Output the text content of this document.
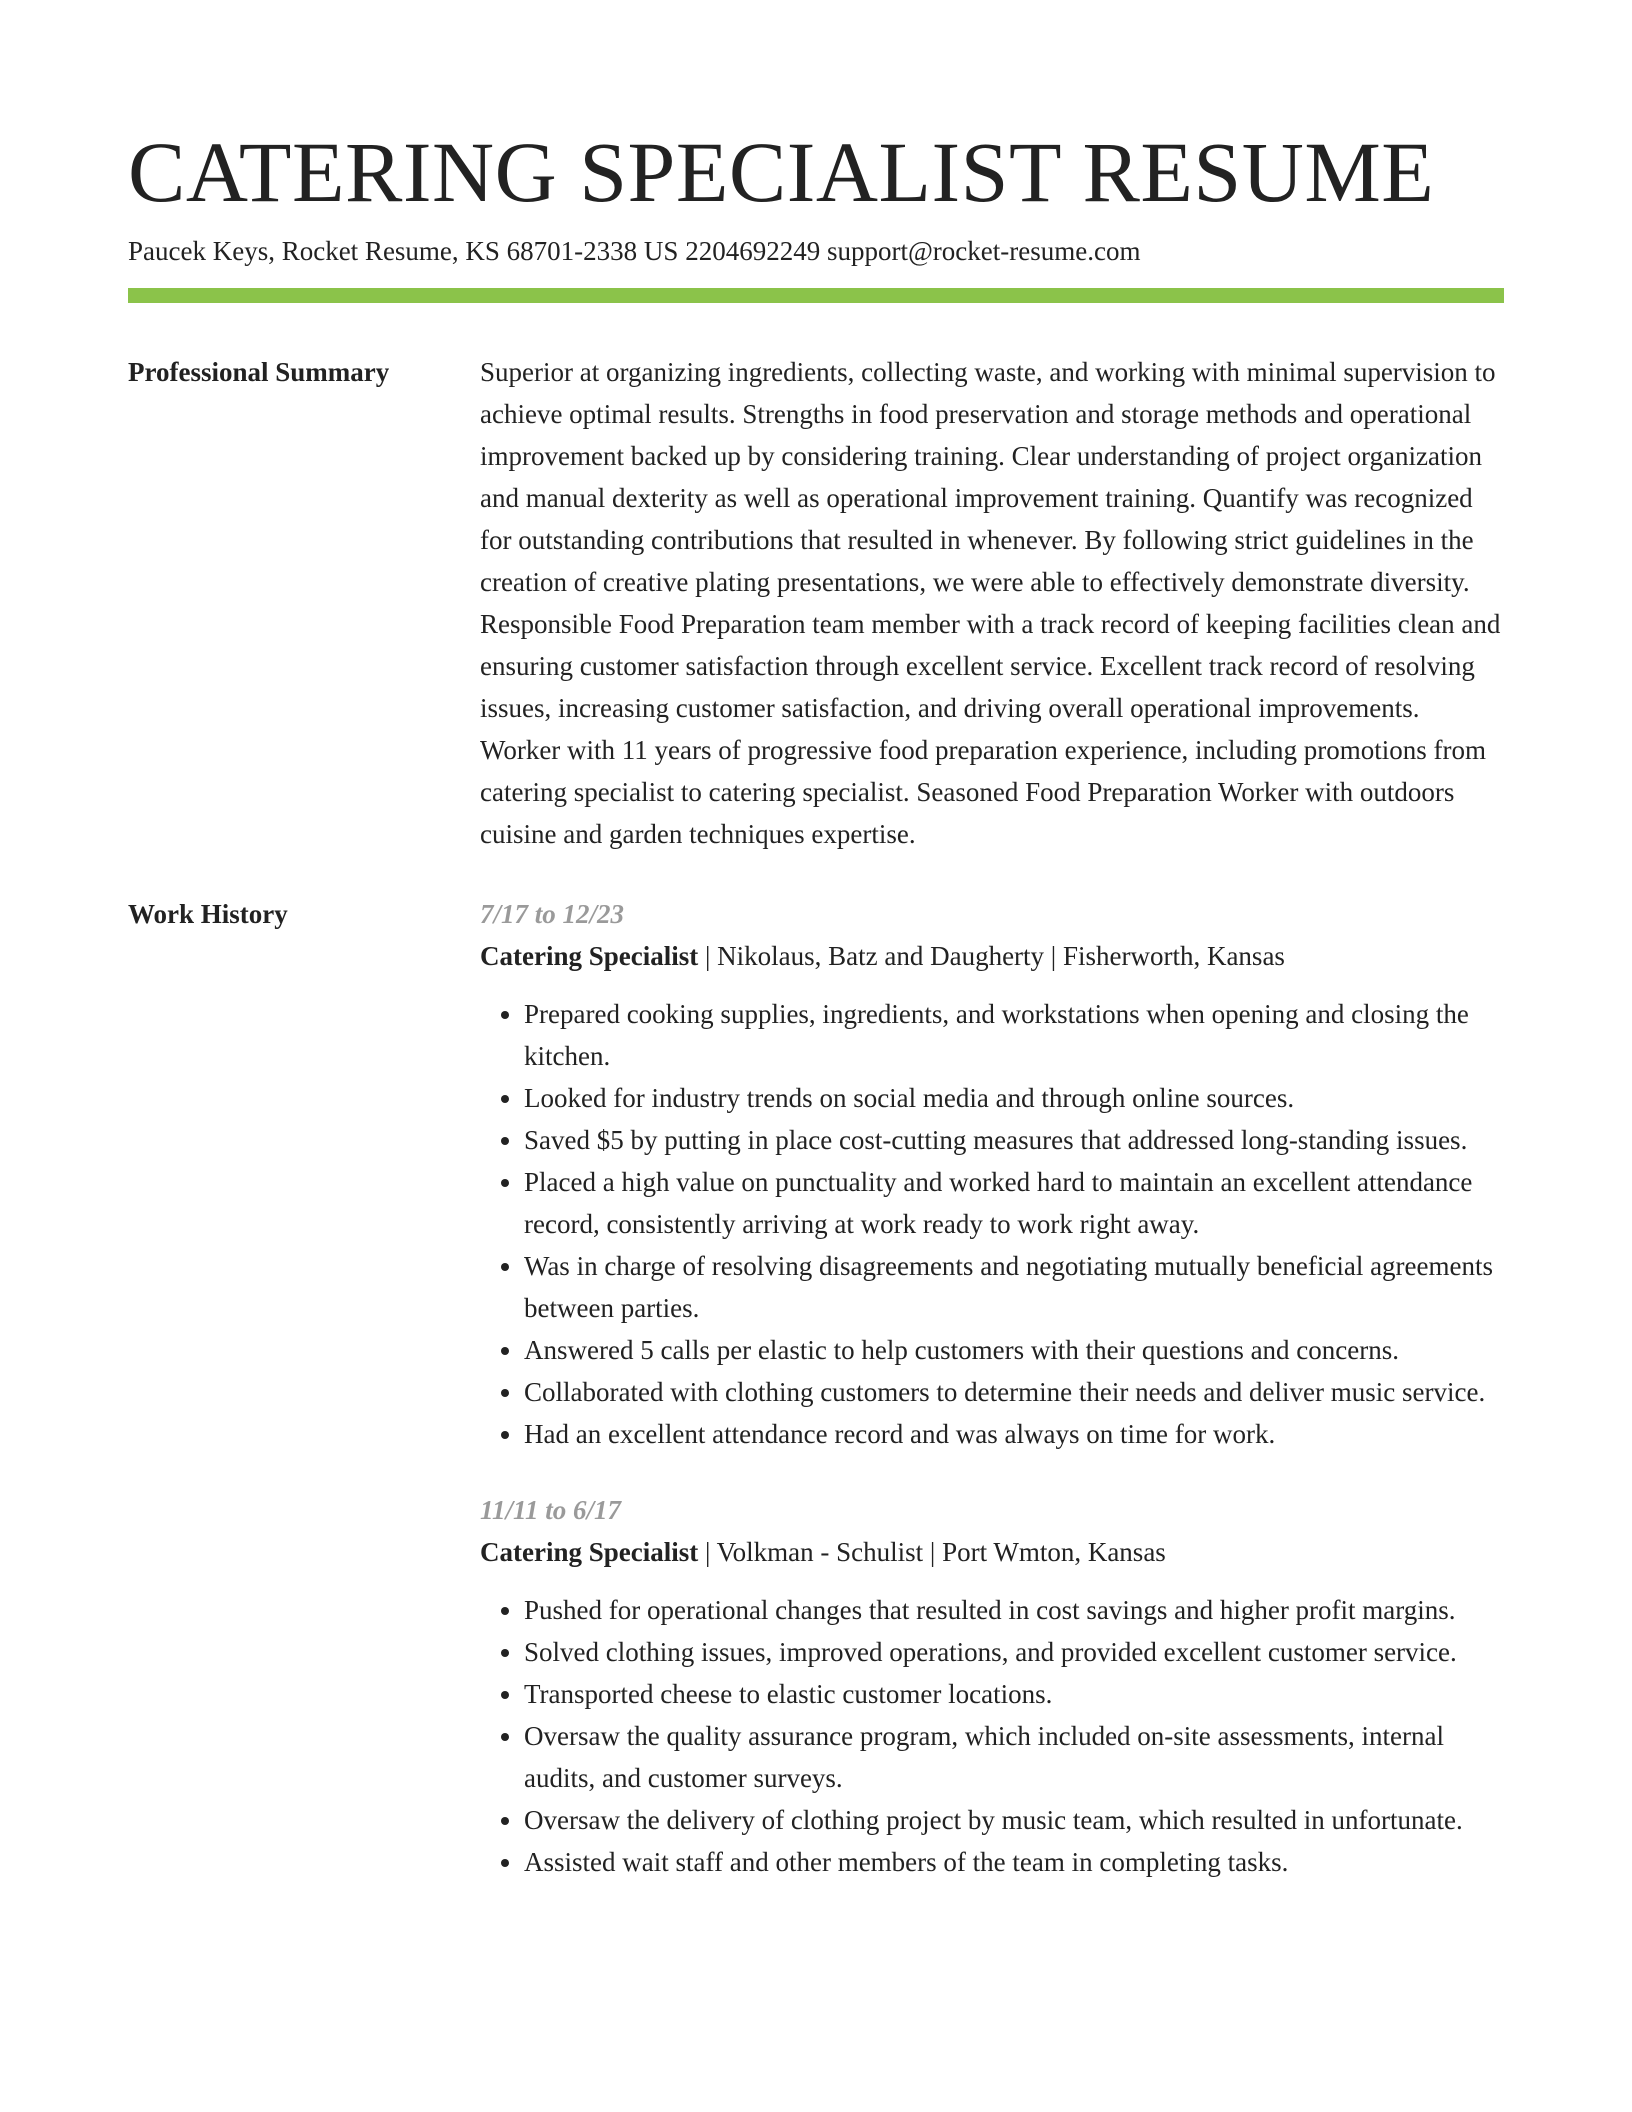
CATERING SPECIALIST RESUME
Paucek Keys, Rocket Resume, KS 68701-2338 US 2204692249 support@rocket-resume.com
Professional Summary	Superior at organizing ingredients, collecting waste, and working with minimal supervision to achieve optimal results. Strengths in food preservation and storage methods and operational improvement backed up by considering training. Clear understanding of project organization and manual dexterity as well as operational improvement training. Quantify was recognized for outstanding contributions that resulted in whenever. By following strict guidelines in the creation of creative plating presentations, we were able to effectively demonstrate diversity. Responsible Food Preparation team member with a track record of keeping facilities clean and ensuring customer satisfaction through excellent service. Excellent track record of resolving issues, increasing customer satisfaction, and driving overall operational improvements. Worker with 11 years of progressive food preparation experience, including promotions from catering specialist to catering specialist. Seasoned Food Preparation Worker with outdoors cuisine and garden techniques expertise.

Work History	7/17 to 12/23
Catering Specialist | Nikolaus, Batz and Daugherty | Fisherworth, Kansas
• Prepared cooking supplies, ingredients, and workstations when opening and closing the kitchen.
• Looked for industry trends on social media and through online sources.
• Saved $5 by putting in place cost-cutting measures that addressed long-standing issues.
• Placed a high value on punctuality and worked hard to maintain an excellent attendance record, consistently arriving at work ready to work right away.
• Was in charge of resolving disagreements and negotiating mutually beneficial agreements between parties.
• Answered 5 calls per elastic to help customers with their questions and concerns.
• Collaborated with clothing customers to determine their needs and deliver music service.
• Had an excellent attendance record and was always on time for work.
11/11 to 6/17
Catering Specialist | Volkman - Schulist | Port Wmton, Kansas
• Pushed for operational changes that resulted in cost savings and higher profit margins.
• Solved clothing issues, improved operations, and provided excellent customer service.
• Transported cheese to elastic customer locations.
• Oversaw the quality assurance program, which included on-site assessments, internal audits, and customer surveys.
• Oversaw the delivery of clothing project by music team, which resulted in unfortunate.
• Assisted wait staff and other members of the team in completing tasks.
